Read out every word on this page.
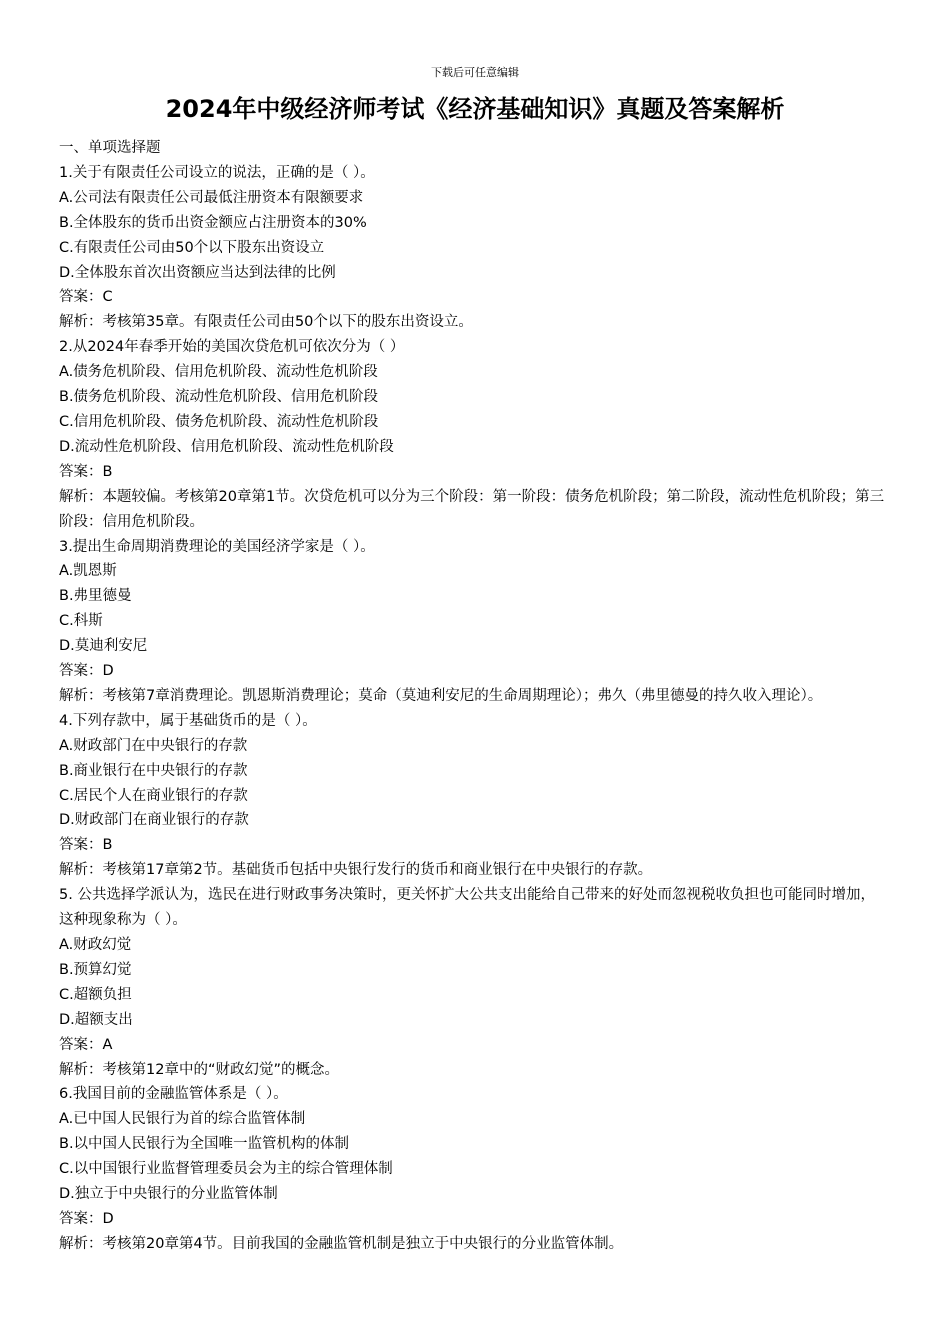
下载后可任意编辑
2024年中级经济师考试《经济基础知识》真题及答案解析
一、单项选择题
1.关于有限责任公司设立的说法，正确的是（ ）。
A.公司法有限责任公司最低注册资本有限额要求
B.全体股东的货币出资金额应占注册资本的30%
C.有限责任公司由50个以下股东出资设立
D.全体股东首次出资额应当达到法律的比例
答案：C
解析：考核第35章。有限责任公司由50个以下的股东出资设立。
2.从2024年春季开始的美国次贷危机可依次分为（ ）
A.债务危机阶段、信用危机阶段、流动性危机阶段
B.债务危机阶段、流动性危机阶段、信用危机阶段
C.信用危机阶段、债务危机阶段、流动性危机阶段
D.流动性危机阶段、信用危机阶段、流动性危机阶段
答案：B
解析：本题较偏。考核第20章第1节。次贷危机可以分为三个阶段：第一阶段：债务危机阶段；第二阶段，流动性危机阶段；第三阶段：信用危机阶段。
3.提出生命周期消费理论的美国经济学家是（ ）。
A.凯恩斯
B.弗里德曼
C.科斯
D.莫迪利安尼
答案：D
解析：考核第7章消费理论。凯恩斯消费理论；莫命（莫迪利安尼的生命周期理论）；弗久（弗里德曼的持久收入理论）。
4.下列存款中，属于基础货币的是（ ）。
A.财政部门在中央银行的存款
B.商业银行在中央银行的存款
C.居民个人在商业银行的存款
D.财政部门在商业银行的存款
答案：B
解析：考核第17章第2节。基础货币包括中央银行发行的货币和商业银行在中央银行的存款。
5. 公共选择学派认为，选民在进行财政事务决策时，更关怀扩大公共支出能给自己带来的好处而忽视税收负担也可能同时增加，这种现象称为（ ）。
A.财政幻觉
B.预算幻觉
C.超额负担
D.超额支出
答案：A
解析：考核第12章中的“财政幻觉”的概念。
6.我国目前的金融监管体系是（ ）。
A.已中国人民银行为首的综合监管体制
B.以中国人民银行为全国唯一监管机构的体制
C.以中国银行业监督管理委员会为主的综合管理体制
D.独立于中央银行的分业监管体制
答案：D
解析：考核第20章第4节。目前我国的金融监管机制是独立于中央银行的分业监管体制。
